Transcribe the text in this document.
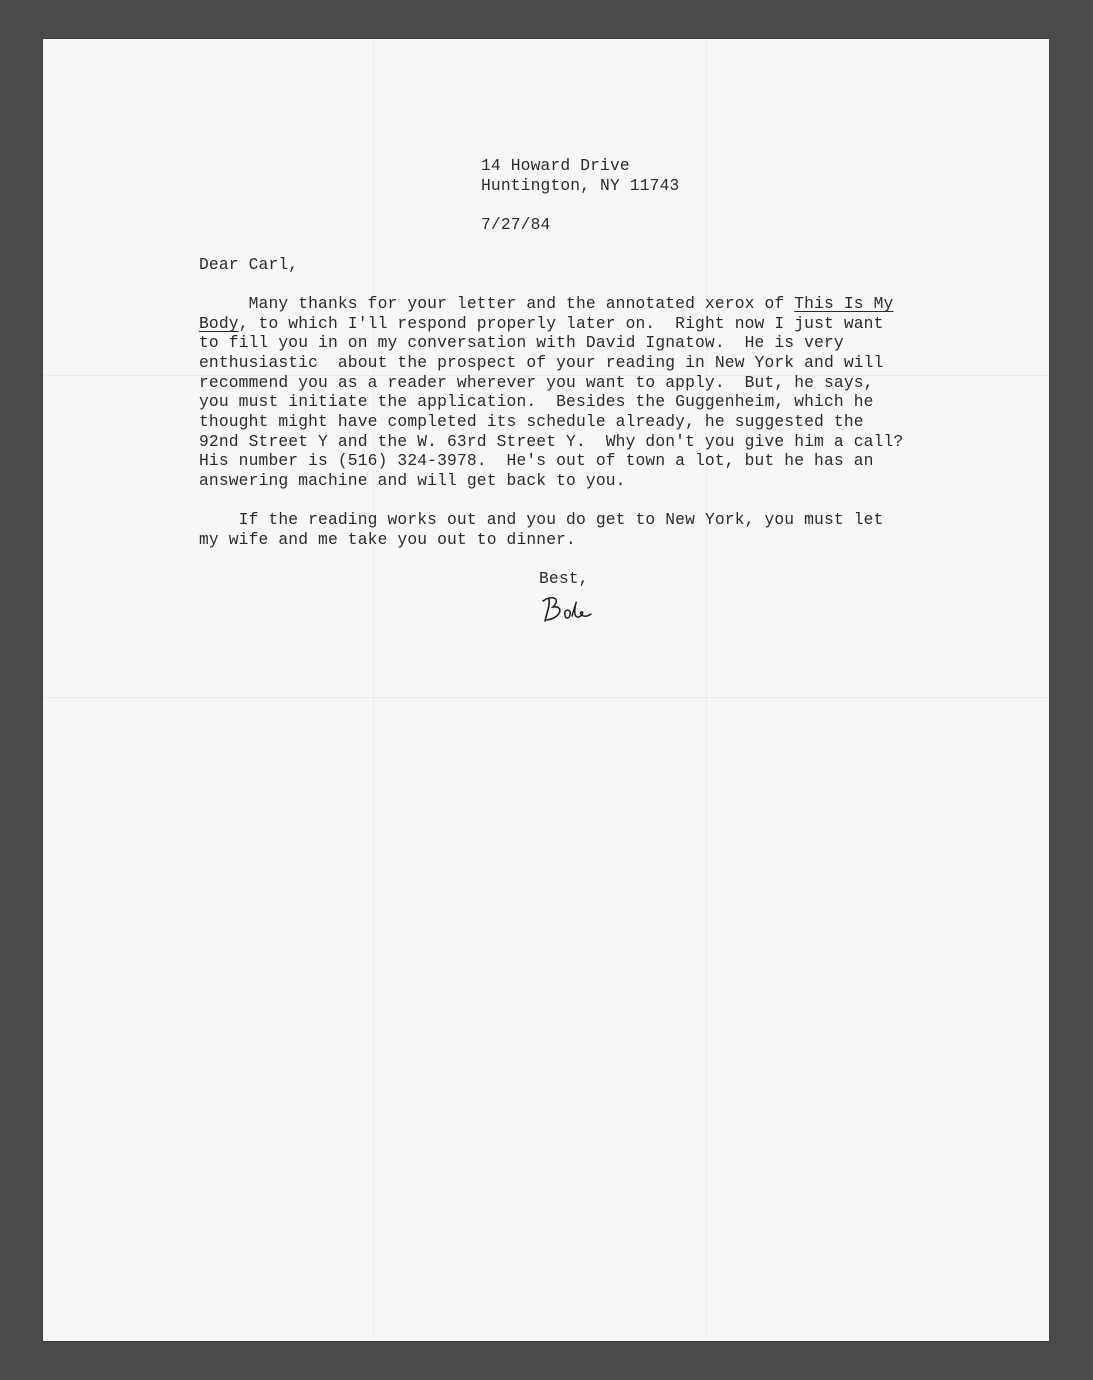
14 Howard Drive
Huntington, NY 11743
7/27/84
Dear Carl,
Many thanks for your letter and the annotated xerox of This Is My
Body, to which I'll respond properly later on.  Right now I just want
to fill you in on my conversation with David Ignatow.  He is very
enthusiastic  about the prospect of your reading in New York and will
recommend you as a reader wherever you want to apply.  But, he says,
you must initiate the application.  Besides the Guggenheim, which he
thought might have completed its schedule already, he suggested the
92nd Street Y and the W. 63rd Street Y.  Why don't you give him a call?
His number is (516) 324-3978.  He's out of town a lot, but he has an
answering machine and will get back to you.
If the reading works out and you do get to New York, you must let
my wife and me take you out to dinner.
Best,
